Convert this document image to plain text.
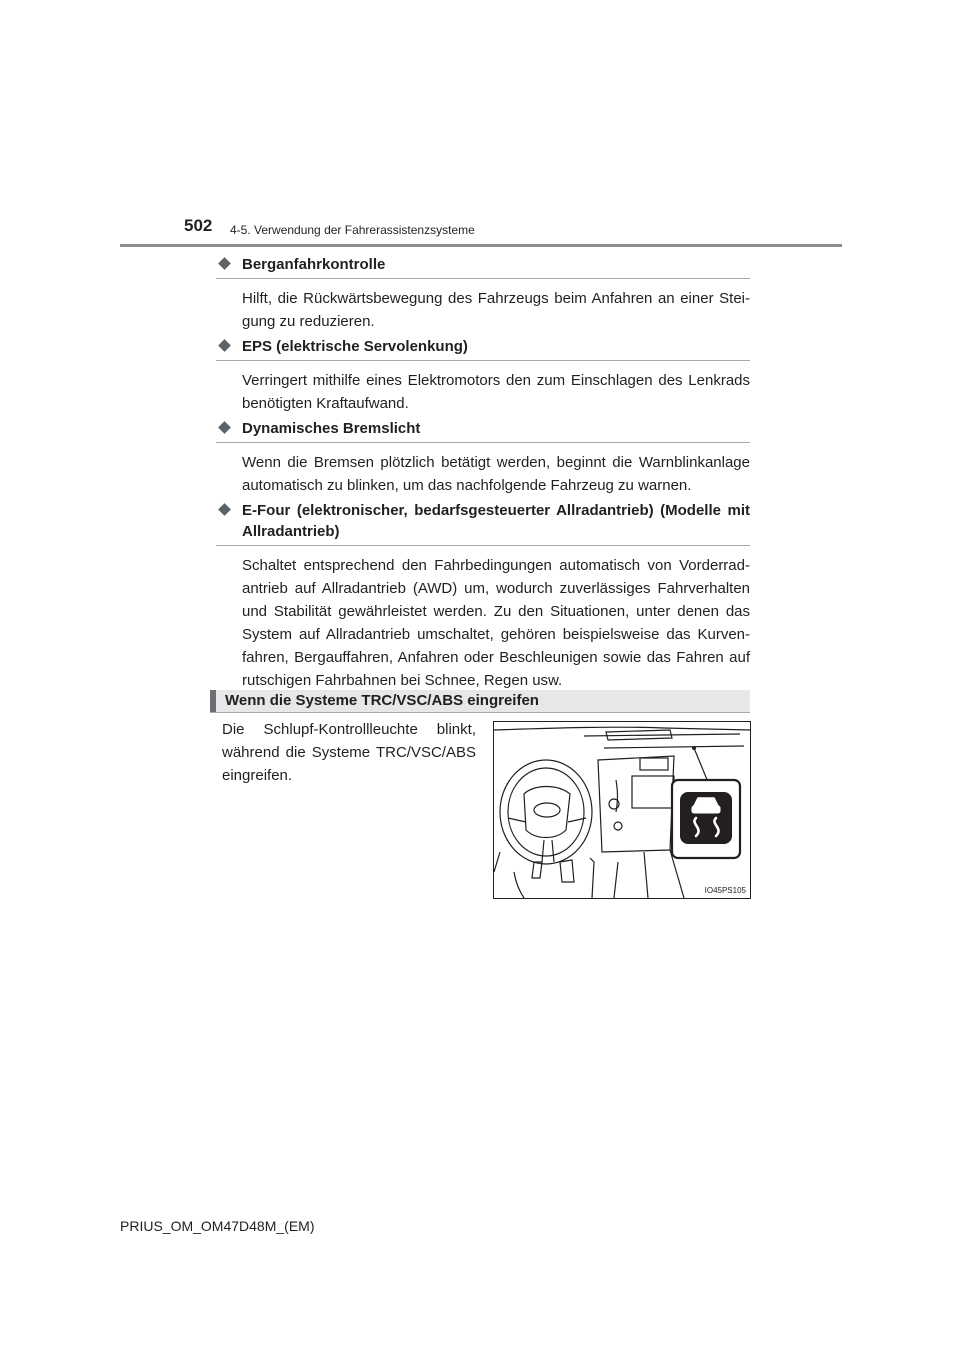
502 4-5. Verwendung der Fahrerassistenzsysteme
Berganfahrkontrolle
Hilft, die Rückwärtsbewegung des Fahrzeugs beim Anfahren an einer Stei- gung zu reduzieren.
EPS (elektrische Servolenkung)
Verringert mithilfe eines Elektromotors den zum Einschlagen des Lenkrads benötigten Kraftaufwand.
Dynamisches Bremslicht
Wenn die Bremsen plötzlich betätigt werden, beginnt die Warnblinkanlage automatisch zu blinken, um das nachfolgende Fahrzeug zu warnen.
E-Four (elektronischer, bedarfsgesteuerter Allradantrieb) (Modelle mit Allradantrieb)
Schaltet entsprechend den Fahrbedingungen automatisch von Vorderrad- antrieb auf Allradantrieb (AWD) um, wodurch zuverlässiges Fahrverhalten und Stabilität gewährleistet werden. Zu den Situationen, unter denen das System auf Allradantrieb umschaltet, gehören beispielsweise das Kurven- fahren, Bergauffahren, Anfahren oder Beschleunigen sowie das Fahren auf rutschigen Fahrbahnen bei Schnee, Regen usw.
Wenn die Systeme TRC/VSC/ABS eingreifen
Die Schlupf-Kontrollleuchte blinkt, während die Systeme TRC/VSC/ABS eingreifen.
IO45PS105
PRIUS_OM_OM47D48M_(EM)
